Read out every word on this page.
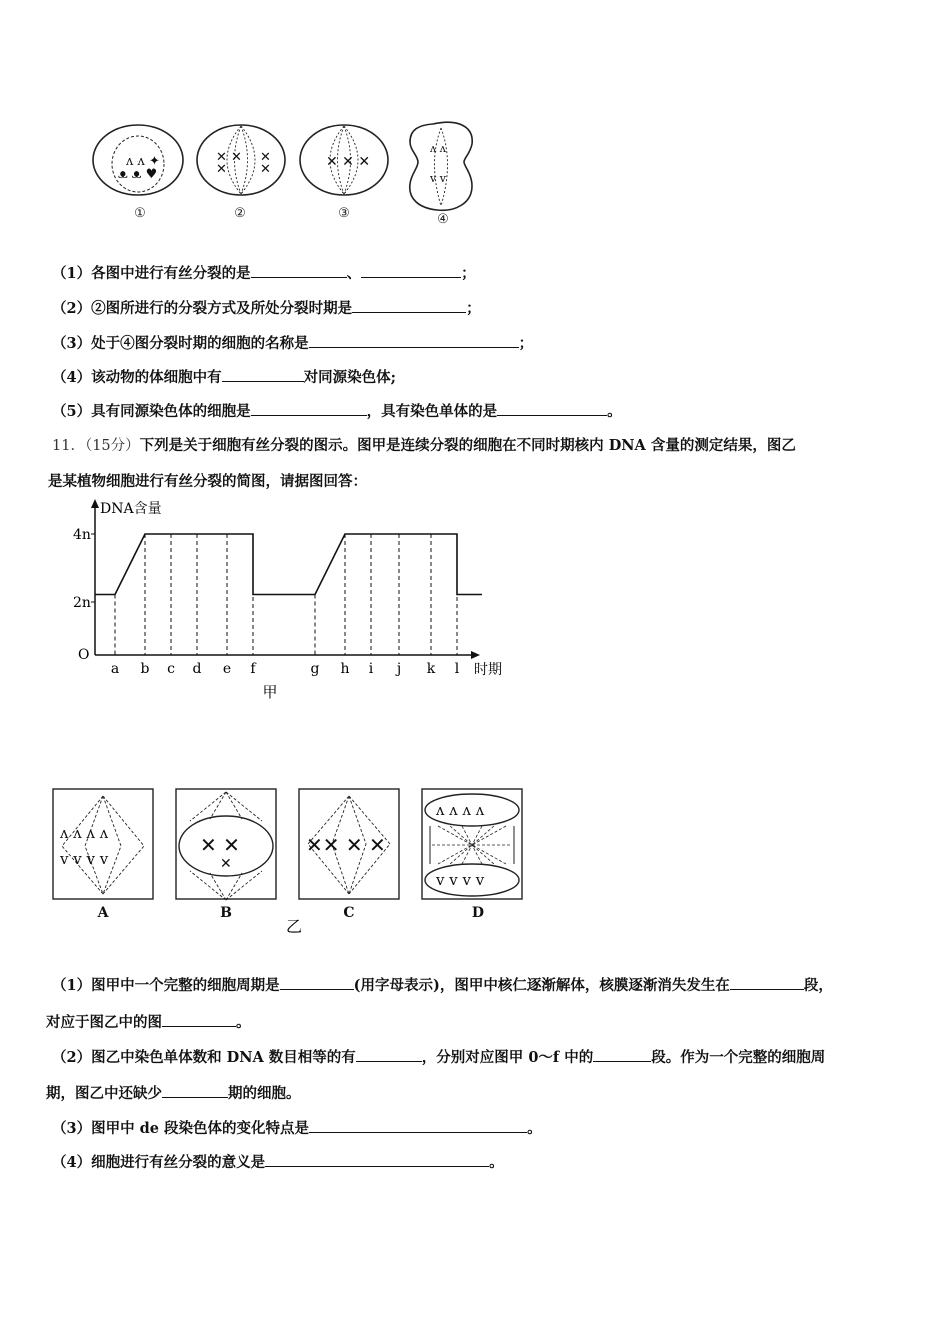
ᴧ ᴧ ✦
ᴥ ᴥ ♥
✕ ✕ ✕
✕	✕	✕ ✕ ✕
ᴧ ᴧ
ᴠ ᴠ
①	②	③	④
（1）各图中进行有丝分裂的是	、	；
（2）②图所进行的分裂方式及所处分裂时期是	；
（3）处于④图分裂时期的细胞的名称是	；
（4）该动物的体细胞中有	对同源染色体;
（5）具有同源染色体的细胞是	，具有染色单体的是	。
11．（15分）下列是关于细胞有丝分裂的图示。图甲是连续分裂的细胞在不同时期核内 DNA 含量的测定结果，图乙
是某植物细胞进行有丝分裂的简图，请据图回答：
DNA含量
时期
O
2n
4n
a b c d e f	g h i j k l
甲
ᴧ ᴧ ᴧ ᴧ
ᴠ ᴠ ᴠ ᴠ
✕ ✕
✕
✕✕ ✕ ✕
ᴧ ᴧ ᴧ ᴧ
ᴠ ᴠ ᴠ ᴠ
A	B	C	D
乙
（1）图甲中一个完整的细胞周期是	(用字母表示)，图甲中核仁逐渐解体，核膜逐渐消失发生在	段，
对应于图乙中的图	。
（2）图乙中染色单体数和 DNA 数目相等的有	，分别对应图甲 0～f 中的	段。作为一个完整的细胞周
期，图乙中还缺少	期的细胞。
（3）图甲中 de 段染色体的变化特点是	。
（4）细胞进行有丝分裂的意义是	。
